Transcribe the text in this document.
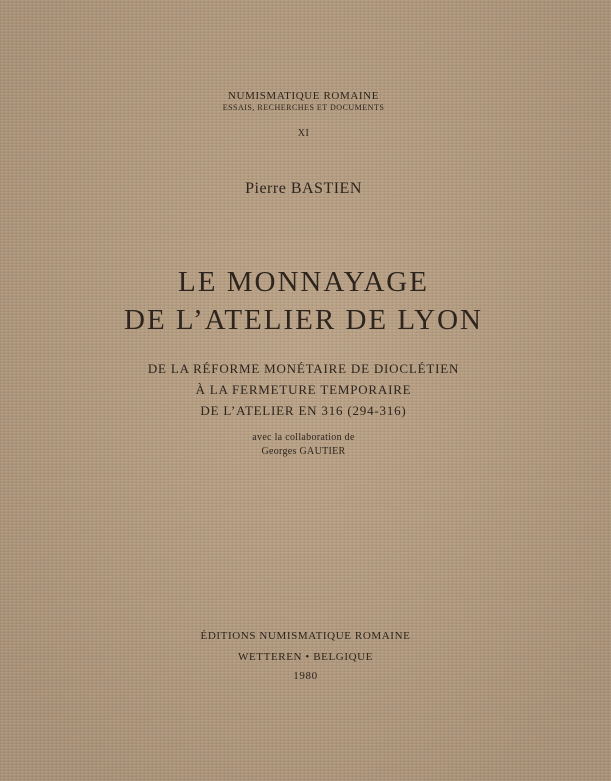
NUMISMATIQUE ROMAINE
ESSAIS, RECHERCHES ET DOCUMENTS
XI
Pierre BASTIEN
LE MONNAYAGE
DE L’ATELIER DE LYON
DE LA RÉFORME MONÉTAIRE DE DIOCLÉTIEN
À LA FERMETURE TEMPORAIRE
DE L’ATELIER EN 316 (294-316)
avec la collaboration de
Georges GAUTIER
ÉDITIONS NUMISMATIQUE ROMAINE
WETTEREN • BELGIQUE
1980
